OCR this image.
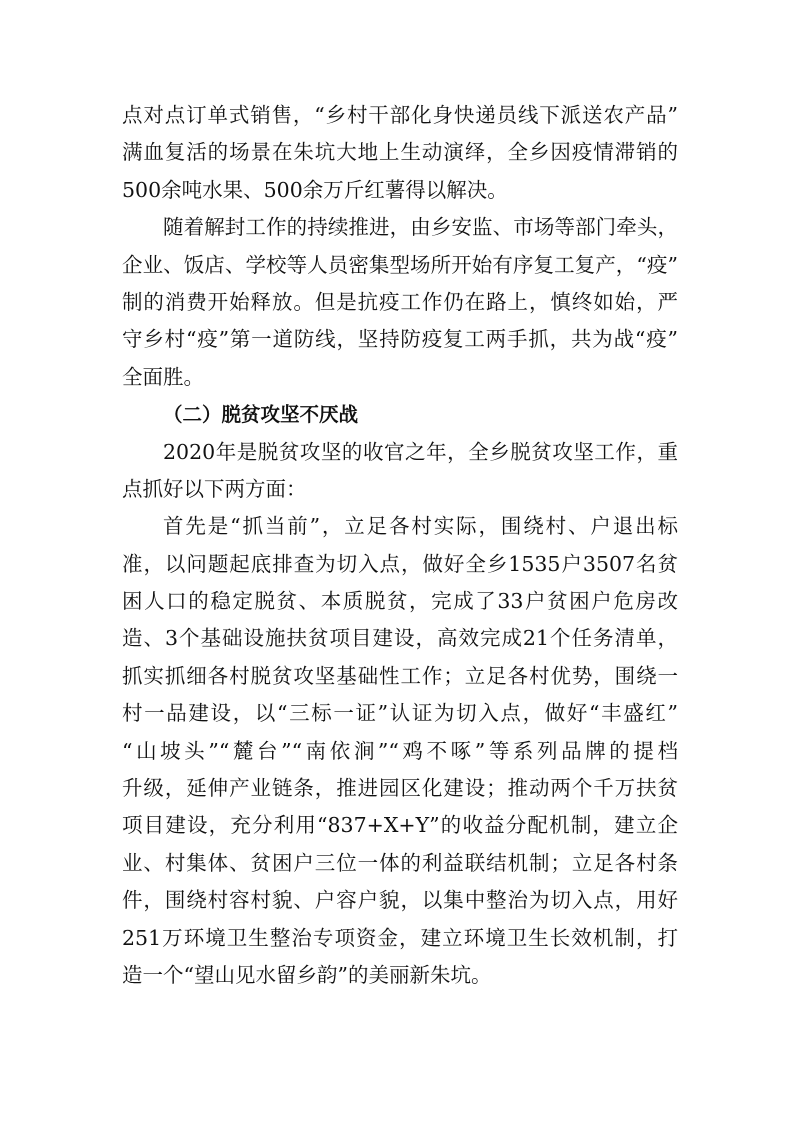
点对点订单式销售，“乡村干部化身快递员线下派送农产品”
满血复活的场景在朱坑大地上生动演绎，全乡因疫情滞销的
500余吨水果、500余万斤红薯得以解决。
随着解封工作的持续推进，由乡安监、市场等部门牵头，
企业、饭店、学校等人员密集型场所开始有序复工复产，“疫”
制的消费开始释放。但是抗疫工作仍在路上，慎终如始，严
守乡村“疫”第一道防线，坚持防疫复工两手抓，共为战“疫”
全面胜。
（二）脱贫攻坚不厌战
2020年是脱贫攻坚的收官之年，全乡脱贫攻坚工作，重
点抓好以下两方面：
首先是“抓当前”，立足各村实际，围绕村、户退出标
准，以问题起底排查为切入点，做好全乡1535户3507名贫
困人口的稳定脱贫、本质脱贫，完成了33户贫困户危房改
造、3个基础设施扶贫项目建设，高效完成21个任务清单，
抓实抓细各村脱贫攻坚基础性工作；立足各村优势，围绕一
村一品建设，以“三标一证”认证为切入点，做好“丰盛红”
“山坡头”“麓台”“南依涧”“鸡不啄”等系列品牌的提档
升级，延伸产业链条，推进园区化建设；推动两个千万扶贫
项目建设，充分利用“837+X+Y”的收益分配机制，建立企
业、村集体、贫困户三位一体的利益联结机制；立足各村条
件，围绕村容村貌、户容户貌，以集中整治为切入点，用好
251万环境卫生整治专项资金，建立环境卫生长效机制，打
造一个“望山见水留乡韵”的美丽新朱坑。
